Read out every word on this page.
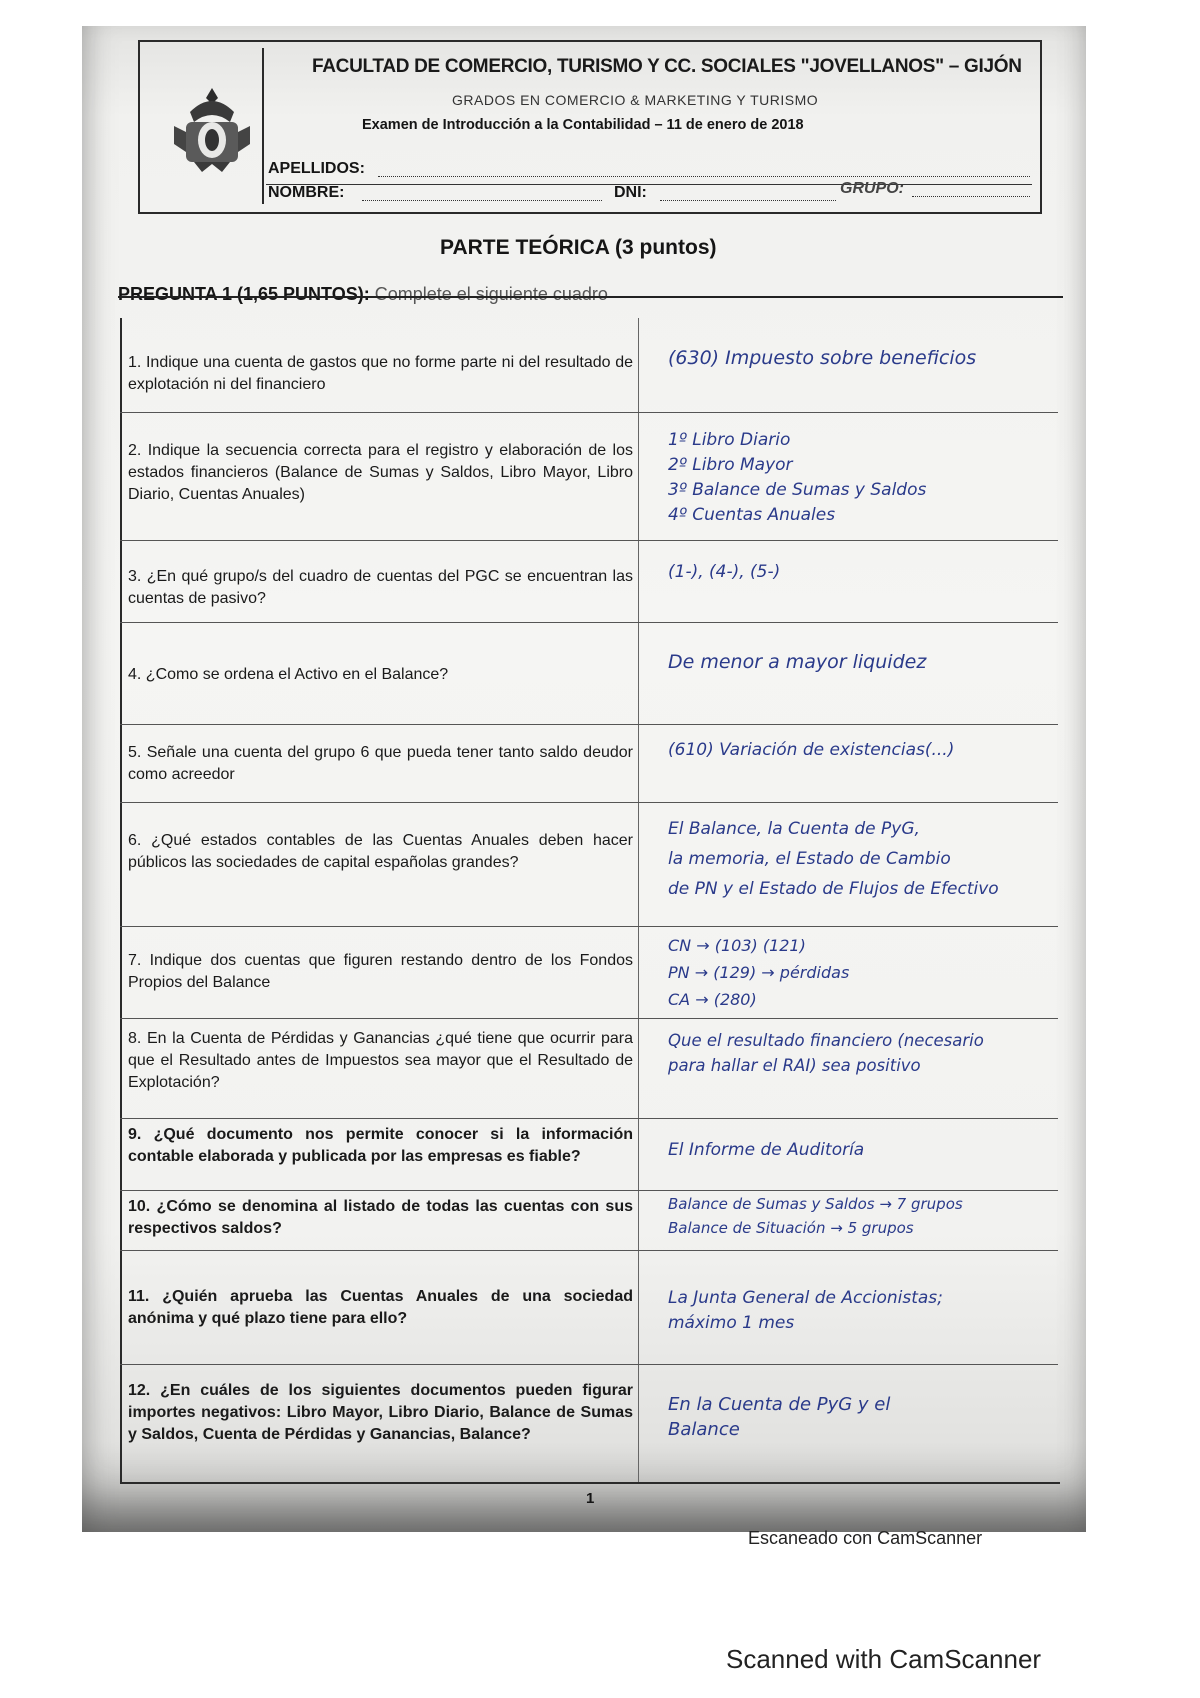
FACULTAD DE COMERCIO, TURISMO Y CC. SOCIALES "JOVELLANOS" – GIJÓN
GRADOS EN COMERCIO & MARKETING Y TURISMO
Examen de Introducción a la Contabilidad – 11 de enero de 2018
APELLIDOS:
NOMBRE:	DNI:	GRUPO:
PARTE TEÓRICA (3 puntos)
PREGUNTA 1 (1,65 PUNTOS): Complete el siguiente cuadro
1. Indique una cuenta de gastos que no forme parte ni del resultado de explotación ni del financiero
2. Indique la secuencia correcta para el registro y elaboración de los estados financieros (Balance de Sumas y Saldos, Libro Mayor, Libro Diario, Cuentas Anuales)
3. ¿En qué grupo/s del cuadro de cuentas del PGC se encuentran las cuentas de pasivo?
4. ¿Como se ordena el Activo en el Balance?
5. Señale una cuenta del grupo 6 que pueda tener tanto saldo deudor como acreedor
6. ¿Qué estados contables de las Cuentas Anuales deben hacer públicos las sociedades de capital españolas grandes?
7. Indique dos cuentas que figuren restando dentro de los Fondos Propios del Balance
8. En la Cuenta de Pérdidas y Ganancias ¿qué tiene que ocurrir para que el Resultado antes de Impuestos sea mayor que el Resultado de Explotación?
9. ¿Qué documento nos permite conocer si la información contable elaborada y publicada por las empresas es fiable?
10. ¿Cómo se denomina al listado de todas las cuentas con sus respectivos saldos?
11. ¿Quién aprueba las Cuentas Anuales de una sociedad anónima y qué plazo tiene para ello?
12. ¿En cuáles de los siguientes documentos pueden figurar importes negativos: Libro Mayor, Libro Diario, Balance de Sumas y Saldos, Cuenta de Pérdidas y Ganancias, Balance?
(630) Impuesto sobre beneficios
1º Libro Diario
2º Libro Mayor
3º Balance de Sumas y Saldos
4º Cuentas Anuales
(1-), (4-), (5-)
De menor a mayor liquidez
(610) Variación de existencias(...)
El Balance, la Cuenta de PyG,
la memoria, el Estado de Cambio
de PN y el Estado de Flujos de Efectivo
CN → (103) (121)
PN → (129) → pérdidas
CA → (280)
Que el resultado financiero (necesario
para hallar el RAI) sea positivo
El Informe de Auditoría
Balance de Sumas y Saldos → 7 grupos
Balance de Situación → 5 grupos
La Junta General de Accionistas;
máximo 1 mes
En la Cuenta de PyG y el
Balance
1
Escaneado con CamScanner
Scanned with CamScanner
